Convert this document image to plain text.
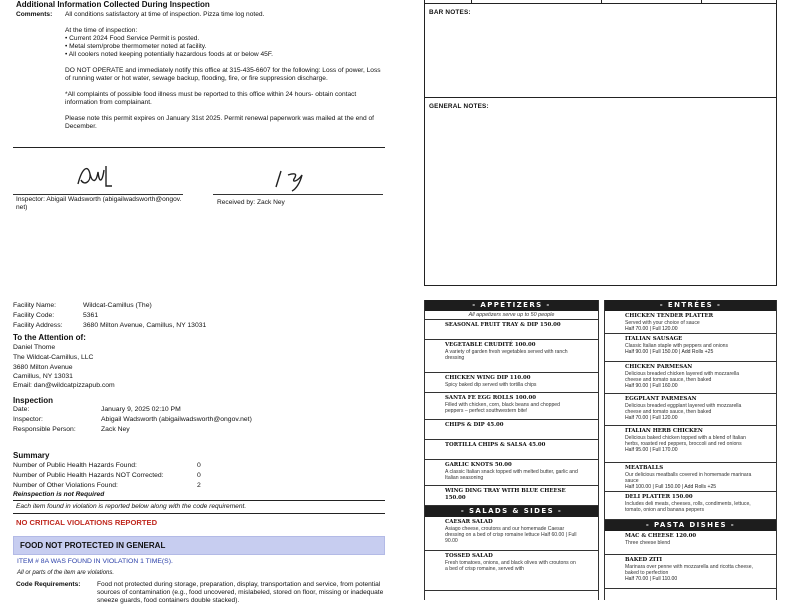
Additional Information Collected During Inspection
Comments: All conditions satisfactory at time of inspection. Pizza time log noted.
At the time of inspection:
• Current 2024 Food Service Permit is posted.
• Metal stem/probe thermometer noted at facility.
• All coolers noted keeping potentially hazardous foods at or below 45F.
DO NOT OPERATE and immediately notify this office at 315-435-6607 for the following: Loss of power, Loss
of running water or hot water, sewage backup, flooding, fire, or fire suppression discharge.
*All complaints of possible food illness must be reported to this office within 24 hours- obtain contact
information from complainant.
Please note this permit expires on January 31st 2025. Permit renewal paperwork was mailed at the end of
December.
Inspector: Abigail Wadsworth (abigailwadsworth@ongov.
net)
Received by: Zack Ney
Facility Name:	Wildcat-Camillus (The)
Facility Code:	5361
Facility Address:	3680 Milton Avenue, Camillus, NY 13031
To the Attention of:
Daniel Thome
The Wildcat-Camillus, LLC
3680 Milton Avenue
Camillus, NY 13031
Email: dan@wildcatpizzapub.com
Inspection
Date:	January 9, 2025 02:10 PM
Inspector:	Abigail Wadsworth (abigailwadsworth@ongov.net)
Responsible Person:	Zack Ney
Summary
Number of Public Health Hazards Found:	0
Number of Public Health Hazards NOT Corrected:	0
Number of Other Violations Found:	2
Reinspection is not Required
Each item found in violation is reported below along with the code requirement.
NO CRITICAL VIOLATIONS REPORTED
FOOD NOT PROTECTED IN GENERAL
ITEM # 8A WAS FOUND IN VIOLATION 1 TIME(S).
All or parts of the item are violations.
Code Requirements:	Food not protected during storage, preparation, display, transportation and service, from potential
sources of contamination (e.g., food uncovered, mislabeled, stored on floor, missing or inadequate
sneeze guards, food containers double stacked).
BAR NOTES:
GENERAL NOTES:
- APPETIZERS -
All appetizers serve up to 50 people
SEASONAL FRUIT TRAY & DIP 150.00
VEGETABLE CRUDITÉ 100.00
A variety of garden fresh vegetables served with ranch dressing
CHICKEN WING DIP 110.00
Spicy baked dip served with tortilla chips
SANTA FE EGG ROLLS 100.00
Filled with chicken, corn, black beans and chopped peppers – perfect southwestern bite!
CHIPS & DIP 45.00
TORTILLA CHIPS & SALSA 45.00
GARLIC KNOTS 50.00
A classic Italian snack topped with melted butter, garlic and Italian seasoning
WING DING TRAY WITH BLUE CHEESE 150.00
- SALADS & SIDES -
CAESAR SALAD
Asiago cheese, croutons and our homemade Caesar dressing on a bed of crisp romaine lettuce Half 60.00 | Full 90.00
TOSSED SALAD
Fresh tomatoes, onions, and black olives with croutons on a bed of crisp romaine, served with
- ENTRÉES -
CHICKEN TENDER PLATTER
Served with your choice of sauce
Half 70.00 | Full 120.00
ITALIAN SAUSAGE
Classic Italian staple with peppers and onions
Half 90.00 | Full 150.00 | Add Rolls +25
CHICKEN PARMESAN
Delicious breaded chicken layered with mozzarella cheese and tomato sauce, then baked
Half 90.00 | Full 160.00
EGGPLANT PARMESAN
Delicious breaded eggplant layered with mozzarella cheese and tomato sauce, then baked
Half 70.00 | Full 120.00
ITALIAN HERB CHICKEN
Delicious baked chicken topped with a blend of Italian herbs, roasted red peppers, broccoli and red onions
Half 95.00 | Full 170.00
MEATBALLS
Our delicious meatballs covered in homemade marinara sauce
Half 100.00 | Full 150.00 | Add Rolls +25
DELI PLATTER 150.00
Includes deli meats, cheeses, rolls, condiments, lettuce, tomato, onion and banana peppers
- PASTA DISHES -
MAC & CHEESE 120.00
Three cheese blend
BAKED ZITI
Marinara over penne with mozzarella and ricotta cheese, baked to perfection
Half 70.00 | Full 110.00
